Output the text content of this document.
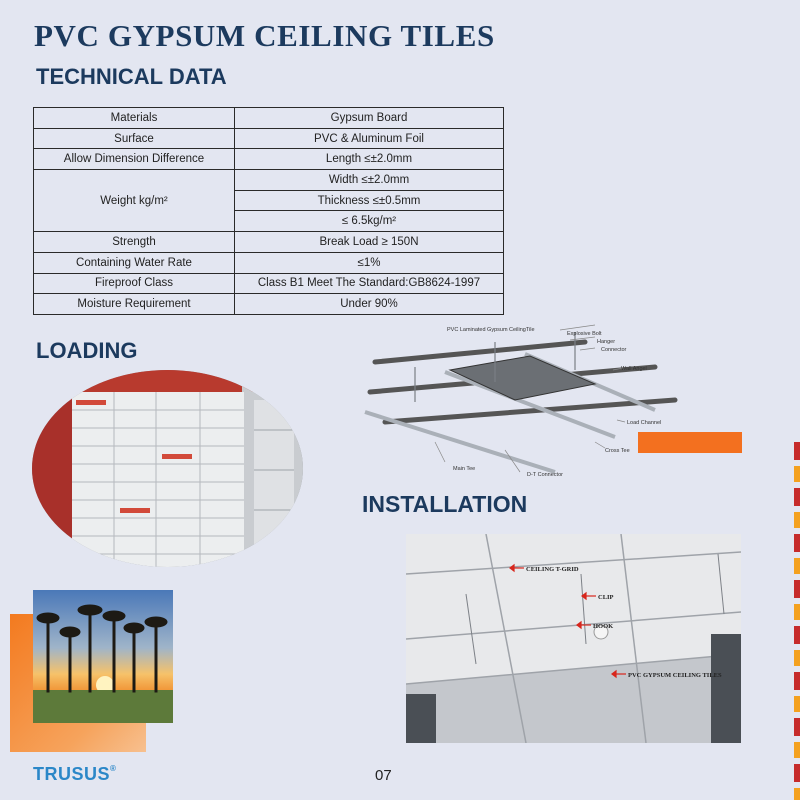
PVC GYPSUM CEILING TILES
TECHNICAL DATA
Materials	Gypsum Board
Surface	PVC & Aluminum Foil
Allow Dimension Difference	Length ≤±2.0mm
Weight kg/m²	Width ≤±2.0mm
	Thickness ≤±0.5mm
	≤ 6.5kg/m²
Strength	Break Load ≥ 150N
Containing Water Rate	≤1%
Fireproof Class	Class B1 Meet The Standard:GB8624-1997
Moisture Requirement	Under 90%
LOADING
PVC Laminated Gypsum CeilingTile
Explosive Bolt
Hanger
Connector
Wall Angel
Load Channel
Cross Tee
Main Tee
D-T Connector
INSTALLATION
CEILING T-GRID
CLIP
HOOK
PVC GYPSUM CEILING TILES
TRUSUS®	07
